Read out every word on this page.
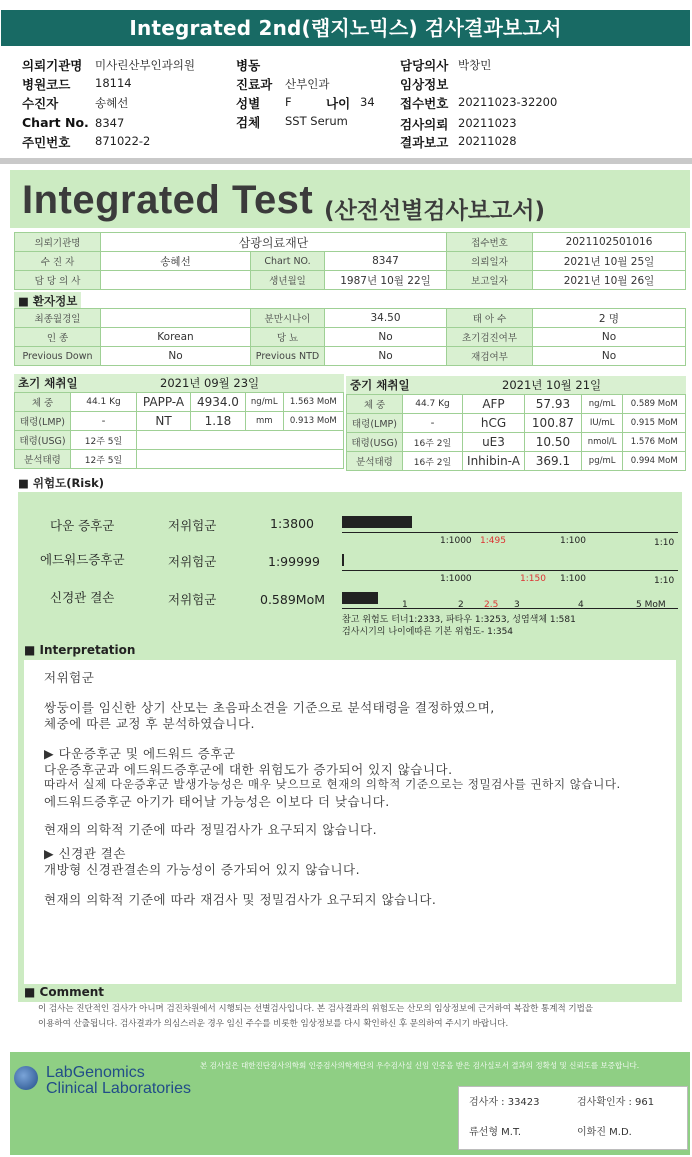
Integrated 2nd(랩지노믹스) 검사결과보고서
의뢰기관명 미사린산부인과의원
병원코드 18114
수진자	송혜선
Chart No. 8347
주민번호 871022-2
병동
진료과 산부인과
성별 F	나이 34
검체 SST Serum
담당의사 박창민
임상정보
접수번호 20211023-32200
검사의뢰 20211023
결과보고 20211028
Integrated Test (산전선별검사보고서)
의뢰기관명	삼광의료재단			접수번호	2021102501016
수 진 자	송혜선	Chart NO.	8347	의뢰일자	2021년 10월 25일
담 당 의 사		생년월일	1987년 10월 22일	보고일자	2021년 10월 26일
■ 환자정보
최종월경일		분만시나이	34.50	태 아 수	2 명
인 종	Korean	당 뇨	No	초기검진여부	No
Previous Down	No	Previous NTD	No	재검여부	No
초기 채취일	2021년 09월 23일
체 중	44.1 Kg	PAPP-A	4934.0	ng/mL	1.563 MoM
태령(LMP)	-	NT	1.18	mm	0.913 MoM
태령(USG)	12주 5일				
분석태령	12주 5일				
중기 채취일	2021년 10월 21일
체 중	44.7 Kg	AFP	57.93	ng/mL	0.589 MoM
태령(LMP)	-	hCG	100.87	IU/mL	0.915 MoM
태령(USG)	16주 2일	uE3	10.50	nmol/L	1.576 MoM
분석태령	16주 2일	Inhibin-A	369.1	pg/mL	0.994 MoM
■ 위험도(Risk)
다운 증후군	저위험군	1:3800
1:1000 1:495	1:100	1:10
에드워드증후군	저위험군	1:99999
1:1000	1:150 1:100	1:10
신경관 결손	저위험군	0.589MoM	1	2 2.5 3	4	5 MoM
참고 위험도 터너1:2333, 파타우 1:3253, 성염색체 1:581
검사시기의 나이에따른 기본 위험도- 1:354
■ Interpretation

저위험군

쌍둥이를 임신한 상기 산모는 초음파소견을 기준으로 분석태령을 결정하였으며,

체중에 따른 교정 후 분석하였습니다.

▶ 다운증후군 및 에드워드 증후군

다운증후군과 에드워드증후군에 대한 위험도가 증가되어 있지 않습니다.

따라서 실제 다운증후군 발생가능성은 매우 낮으므로 현재의 의학적 기준으로는 정밀검사를 권하지 않습니다.

에드워드증후군 아기가 태어날 가능성은 이보다 더 낮습니다.

현재의 의학적 기준에 따라 정밀검사가 요구되지 않습니다.

▶ 신경관 결손

개방형 신경관결손의 가능성이 증가되어 있지 않습니다.

현재의 의학적 기준에 따라 재검사 및 정밀검사가 요구되지 않습니다.

■ Comment
이 검사는 진단적인 검사가 아니며 검진차원에서 시행되는 선별검사입니다. 본 검사결과의 위험도는 산모의 임상정보에 근거하여 복잡한 통계적 기법을
이용하여 산출됩니다. 검사결과가 의심스러운 경우 임신 주수를 비롯한 임상정보를 다시 확인하신 후 문의하여 주시기 바랍니다.
LabGenomics
Clinical Laboratories
본 검사실은 대한진단검사의학회 인증검사의학재단의 우수검사실 신임 인증을 받은 검사실로서 결과의 정확성 및 신뢰도를 보증합니다.
검사자 : 33423	검사확인자 : 961
류선형 M.T.	이화진 M.D.
